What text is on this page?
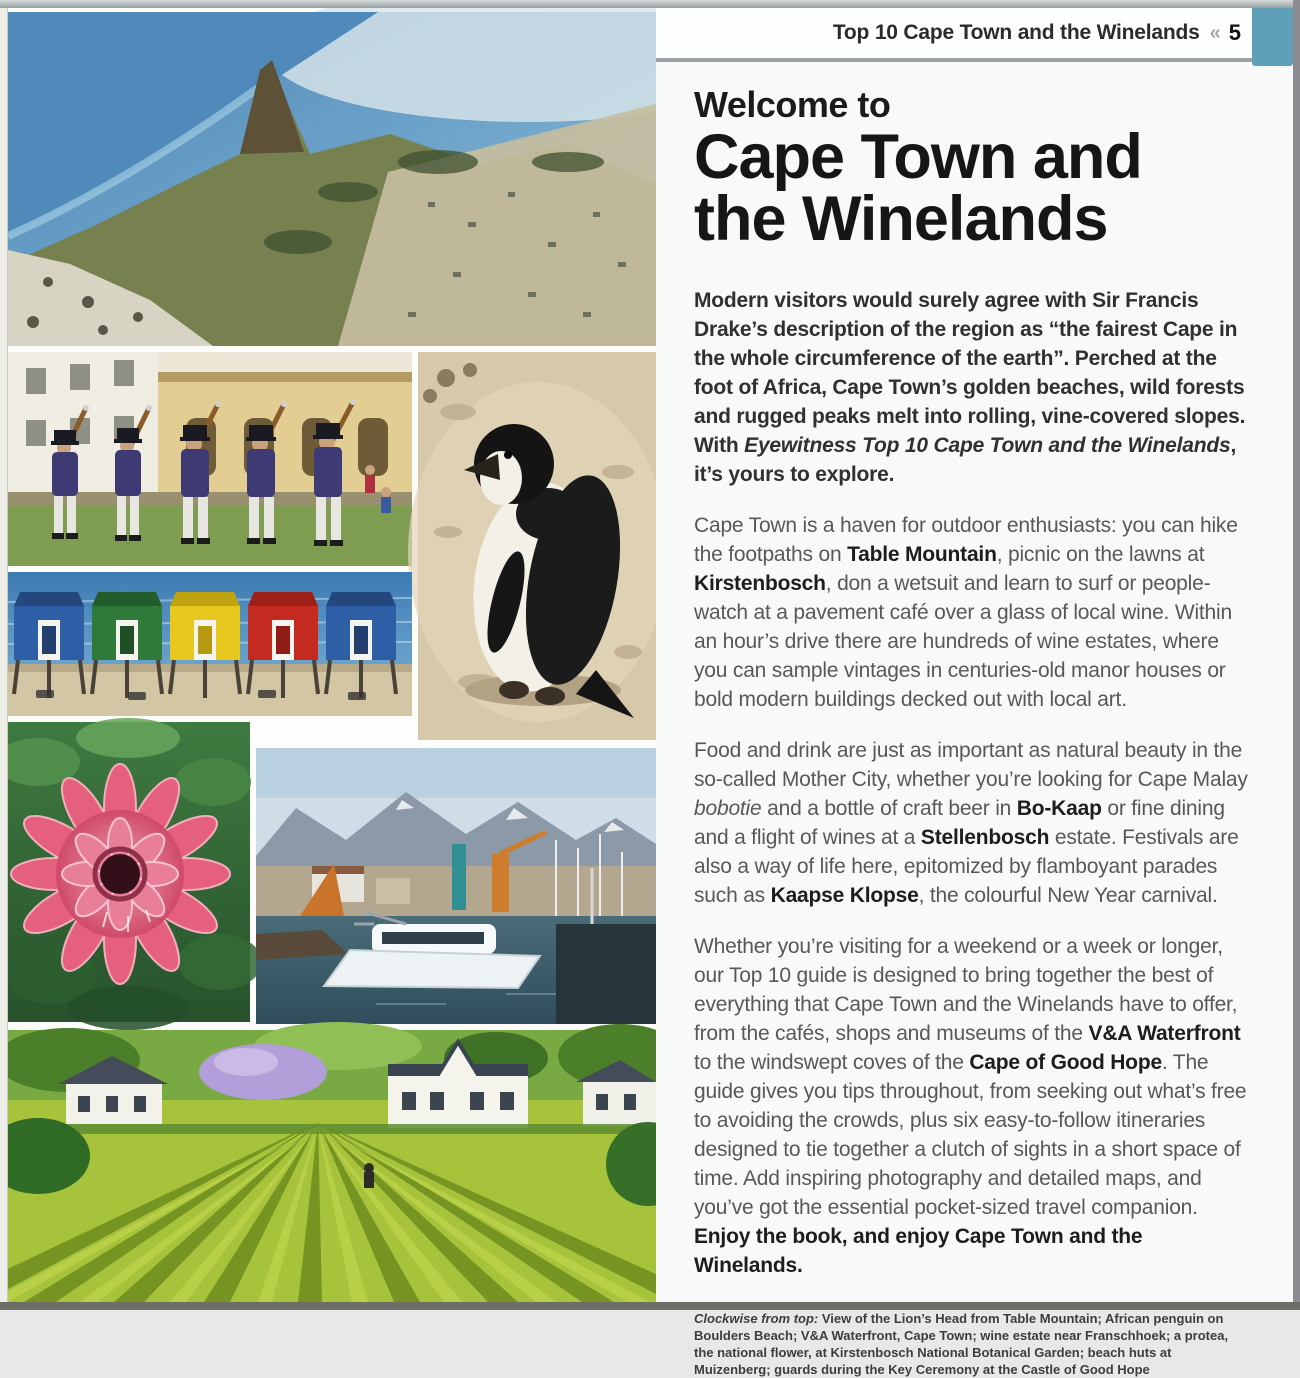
Top 10 Cape Town and the Winelands « 5
Welcome to
Cape Town and
the Winelands

Modern visitors would surely agree with Sir Francis Drake’s description of the region as “the fairest Cape in the whole circumference of the earth”. Perched at the foot of Africa, Cape Town’s golden beaches, wild forests and rugged peaks melt into rolling, vine-covered slopes. With Eyewitness Top 10 Cape Town and the Winelands, it’s yours to explore.

Cape Town is a haven for outdoor enthusiasts: you can hike the footpaths on Table Mountain, picnic on the lawns at Kirstenbosch, don a wetsuit and learn to surf or people-watch at a pavement café over a glass of local wine. Within an hour’s drive there are hundreds of wine estates, where you can sample vintages in centuries-old manor houses or bold modern buildings decked out with local art.

Food and drink are just as important as natural beauty in the so-called Mother City, whether you’re looking for Cape Malay bobotie and a bottle of craft beer in Bo-Kaap or fine dining and a flight of wines at a Stellenbosch estate. Festivals are also a way of life here, epitomized by flamboyant parades such as Kaapse Klopse, the colourful New Year carnival.

Whether you’re visiting for a weekend or a week or longer, our Top 10 guide is designed to bring together the best of everything that Cape Town and the Winelands have to offer, from the cafés, shops and museums of the V&A Waterfront to the windswept coves of the Cape of Good Hope. The guide gives you tips throughout, from seeking out what’s free to avoiding the crowds, plus six easy-to-follow itineraries designed to tie together a clutch of sights in a short space of time. Add inspiring photography and detailed maps, and you’ve got the essential pocket-sized travel companion. Enjoy the book, and enjoy Cape Town and the Winelands.

Clockwise from top: View of the Lion’s Head from Table Mountain; African penguin on Boulders Beach; V&A Waterfront, Cape Town; wine estate near Franschhoek; a protea, the national flower, at Kirstenbosch National Botanical Garden; beach huts at Muizenberg; guards during the Key Ceremony at the Castle of Good Hope
